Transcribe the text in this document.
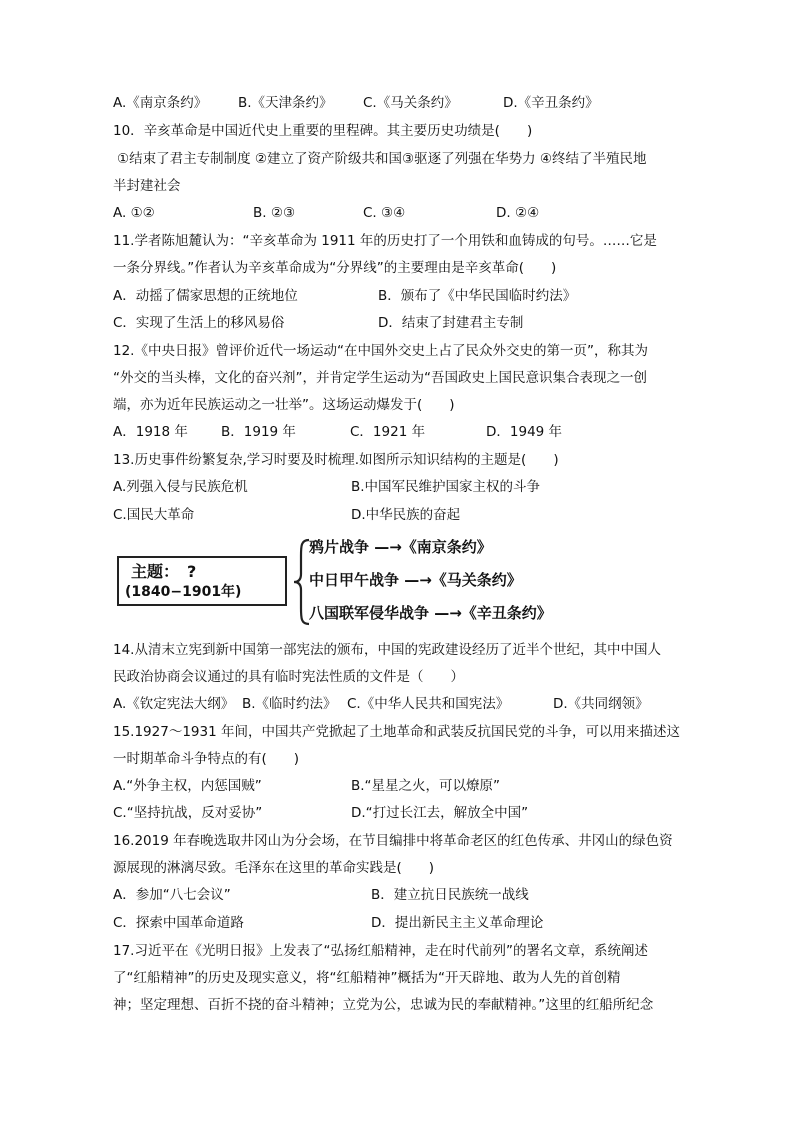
A.《南京条约》 B.《天津条约》 C.《马关条约》	D.《辛丑条约》
10．辛亥革命是中国近代史上重要的里程碑。其主要历史功绩是(　　)
①结束了君主专制制度 ②建立了资产阶级共和国③驱逐了列强在华势力 ④终结了半殖民地
半封建社会
A. ①②	B. ②③	C. ③④	D. ②④
11.学者陈旭麓认为：“辛亥革命为 1911 年的历史打了一个用铁和血铸成的句号。……它是
一条分界线。”作者认为辛亥革命成为“分界线”的主要理由是辛亥革命(　　)
A．动摇了儒家思想的正统地位	B．颁布了《中华民国临时约法》
C．实现了生活上的移风易俗	D．结束了封建君主专制
12.《中央日报》曾评价近代一场运动“在中国外交史上占了民众外交史的第一页”，称其为
“外交的当头棒，文化的奋兴剂”，并肯定学生运动为“吾国政史上国民意识集合表现之一创
端，亦为近年民族运动之一壮举”。这场运动爆发于(　　)
A．1918 年 B．1919 年	C．1921 年	D．1949 年
13.历史事件纷繁复杂,学习时要及时梳理.如图所示知识结构的主题是(　　)
A.列强入侵与民族危机	B.中国军民维护国家主权的斗争
C.国民大革命	D.中华民族的奋起
主题：　?
(1840−1901年)
鸦片战争 —→《南京条约》
中日甲午战争 —→《马关条约》
八国联军侵华战争 —→《辛丑条约》
14.从清末立宪到新中国第一部宪法的颁布，中国的宪政建设经历了近半个世纪，其中中国人
民政治协商会议通过的具有临时宪法性质的文件是（　　）
A.《钦定宪法大纲》 B.《临时约法》 C.《中华人民共和国宪法》	D.《共同纲领》
15.1927～1931 年间，中国共产党掀起了土地革命和武装反抗国民党的斗争，可以用来描述这
一时期革命斗争特点的有(　　)
A.“外争主权，内惩国贼”	B.“星星之火，可以燎原”
C.“坚持抗战，反对妥协”	D.“打过长江去，解放全中国”
16.2019 年春晚选取井冈山为分会场，在节目编排中将革命老区的红色传承、井冈山的绿色资
源展现的淋漓尽致。毛泽东在这里的革命实践是(　　)
A．参加“八七会议”	B．建立抗日民族统一战线
C．探索中国革命道路	D．提出新民主主义革命理论
17.习近平在《光明日报》上发表了“弘扬红船精神，走在时代前列”的署名文章，系统阐述
了“红船精神”的历史及现实意义，将“红船精神”概括为“开天辟地、敢为人先的首创精
神；坚定理想、百折不挠的奋斗精神；立党为公，忠诚为民的奉献精神。”这里的红船所纪念
